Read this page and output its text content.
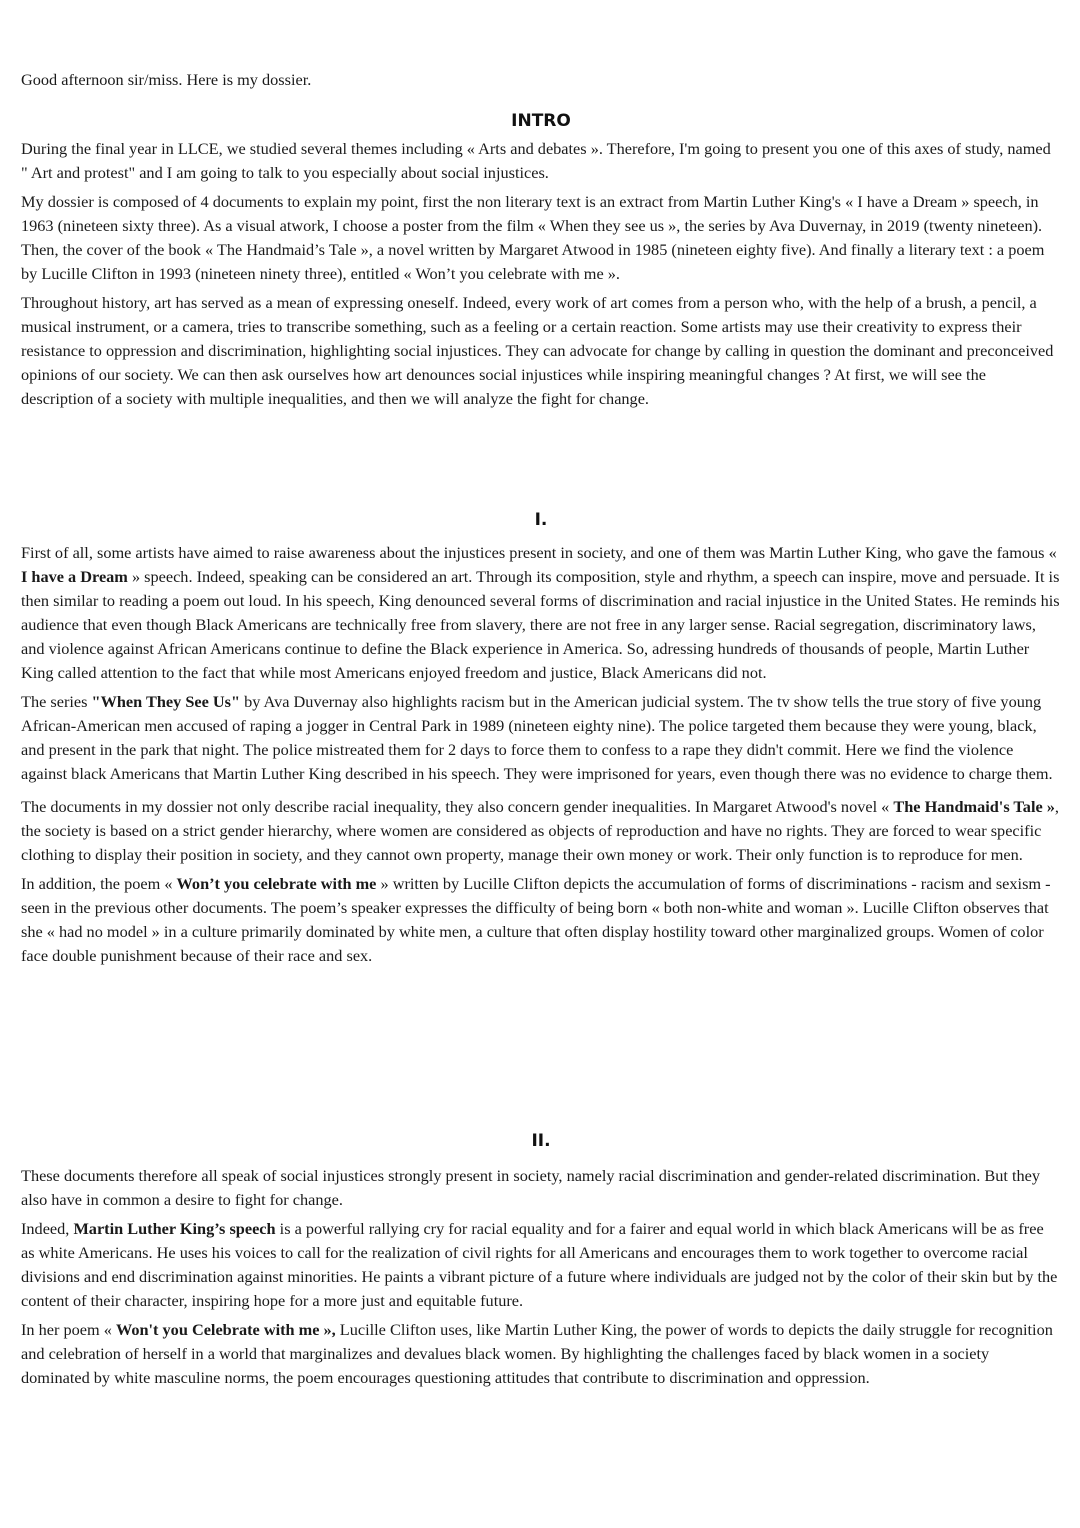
Good afternoon sir/miss. Here is my dossier.

INTRO

During the final year in LLCE, we studied several themes including « Arts and debates ». Therefore, I'm going to present you one of this axes of study, named " Art and protest" and I am going to talk to you especially about social injustices.

My dossier is composed of 4 documents to explain my point, first the non literary text is an extract from Martin Luther King's « I have a Dream » speech, in 1963 (nineteen sixty three). As a visual atwork, I choose a poster from the film « When they see us », the series by Ava Duvernay, in 2019 (twenty nineteen). Then, the cover of the book « The Handmaid’s Tale », a novel written by Margaret Atwood in 1985 (nineteen eighty five). And finally a literary text : a poem by Lucille Clifton in 1993 (nineteen ninety three), entitled « Won’t you celebrate with me ».

Throughout history, art has served as a mean of expressing oneself. Indeed, every work of art comes from a person who, with the help of a brush, a pencil, a musical instrument, or a camera, tries to transcribe something, such as a feeling or a certain reaction. Some artists may use their creativity to express their resistance to oppression and discrimination, highlighting social injustices. They can advocate for change by calling in question the dominant and preconceived opinions of our society. We can then ask ourselves how art denounces social injustices while inspiring meaningful changes ? At first, we will see the description of a society with multiple inequalities, and then we will analyze the fight for change.

I.

First of all, some artists have aimed to raise awareness about the injustices present in society, and one of them was Martin Luther King, who gave the famous « I have a Dream » speech. Indeed, speaking can be considered an art. Through its composition, style and rhythm, a speech can inspire, move and persuade. It is then similar to reading a poem out loud. In his speech, King denounced several forms of discrimination and racial injustice in the United States. He reminds his audience that even though Black Americans are technically free from slavery, there are not free in any larger sense. Racial segregation, discriminatory laws, and violence against African Americans continue to define the Black experience in America. So, adressing hundreds of thousands of people, Martin Luther King called attention to the fact that while most Americans enjoyed freedom and justice, Black Americans did not.

The series "When They See Us" by Ava Duvernay also highlights racism but in the American judicial system. The tv show tells the true story of five young African-American men accused of raping a jogger in Central Park in 1989 (nineteen eighty nine). The police targeted them because they were young, black, and present in the park that night. The police mistreated them for 2 days to force them to confess to a rape they didn't commit. Here we find the violence against black Americans that Martin Luther King described in his speech. They were imprisoned for years, even though there was no evidence to charge them.

The documents in my dossier not only describe racial inequality, they also concern gender inequalities. In Margaret Atwood's novel « The Handmaid's Tale », the society is based on a strict gender hierarchy, where women are considered as objects of reproduction and have no rights. They are forced to wear specific clothing to display their position in society, and they cannot own property, manage their own money or work. Their only function is to reproduce for men.

In addition, the poem « Won’t you celebrate with me » written by Lucille Clifton depicts the accumulation of forms of discriminations - racism and sexism - seen in the previous other documents. The poem’s speaker expresses the difficulty of being born « both non-white and woman ». Lucille Clifton observes that she « had no model » in a culture primarily dominated by white men, a culture that often display hostility toward other marginalized groups. Women of color face double punishment because of their race and sex.

II.

These documents therefore all speak of social injustices strongly present in society, namely racial discrimination and gender-related discrimination. But they also have in common a desire to fight for change.

Indeed, Martin Luther King’s speech is a powerful rallying cry for racial equality and for a fairer and equal world in which black Americans will be as free as white Americans. He uses his voices to call for the realization of civil rights for all Americans and encourages them to work together to overcome racial divisions and end discrimination against minorities. He paints a vibrant picture of a future where individuals are judged not by the color of their skin but by the content of their character, inspiring hope for a more just and equitable future.

In her poem « Won't you Celebrate with me », Lucille Clifton uses, like Martin Luther King, the power of words to depicts the daily struggle for recognition and celebration of herself in a world that marginalizes and devalues black women. By highlighting the challenges faced by black women in a society dominated by white masculine norms, the poem encourages questioning attitudes that contribute to discrimination and oppression.
